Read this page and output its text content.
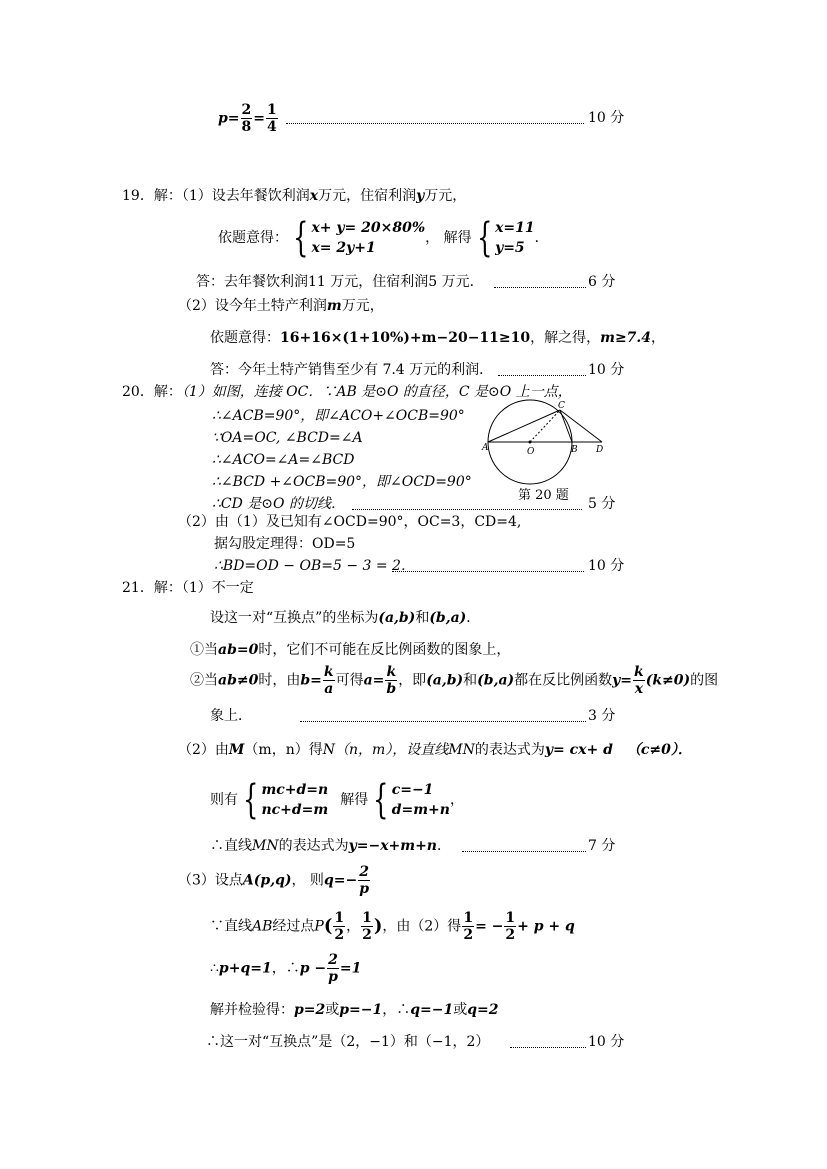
$p= \frac{2}{8} = \frac{1}{4}$	10 分
19．解：（1）设去年餐饮利润x万元，住宿利润y万元，
依题意得： { x+ y= 20×80%
x= 2y+1
， 解得 { x=11
y=5
．
答：去年餐饮利润11 万元，住宿利润5 万元．	6 分
（2）设今年土特产利润m万元，
依题意得：16+16×(1+10%)+m−20−11≥10，解之得，m≥7.4，
答：今年土特产销售至少有 7.4 万元的利润．	10 分
20．解：（1）如图，连接 OC．∵AB 是⊙O 的直径，C 是⊙O 上一点，
∴∠ACB=90°，即∠ACO+∠OCB=90°
∵OA=OC, ∠BCD=∠A
∴∠ACO=∠A=∠BCD
∴∠BCD +∠OCB=90°，即∠OCD=90°
∴CD 是⊙O 的切线．	5 分
A	O	B D
C
第 20 题
（2）由（1）及已知有∠OCD=90°，OC=3，CD=4,
据勾股定理得：OD=5
∴BD=OD − OB=5 − 3 = 2．	10 分
21．解：（1）不一定
设这一对“互换点”的坐标为(a,b)和(b,a)．
①当ab=0时，它们不可能在反比例函数的图象上，
②当ab≠0时，由$b= \frac{k}{a}$ 可得$a= \frac{k}{b}$ ，即(a,b)和(b,a)都在反比例函数$y= \frac{k}{x} (k\ne 0)$的图
象上．	3 分
（2）由M（m，n）得N（n，m），设直线MN的表达式为y= cx+ d （c≠0）．
则有 { mc+d=n
nc+d=m
解得 { c=−1
d=m+n
，
∴直线MN的表达式为y=−x+m+n．	7 分
（3）设点A(p,q)， 则$q=- \frac{2}{p}$
∵直线AB经过点$P( \frac{1}{2}$ ， $\frac{1}{2}$ )，由（2）得 $\frac{1}{2}$ = − $\frac{1}{2} + p + q$
∴p+q=1，∴p − $\frac{2}{p} =1$
解并检验得：p=2或p=−1，∴q=−1或q=2
∴这一对“互换点”是（2，−1）和（−1，2）	10 分
